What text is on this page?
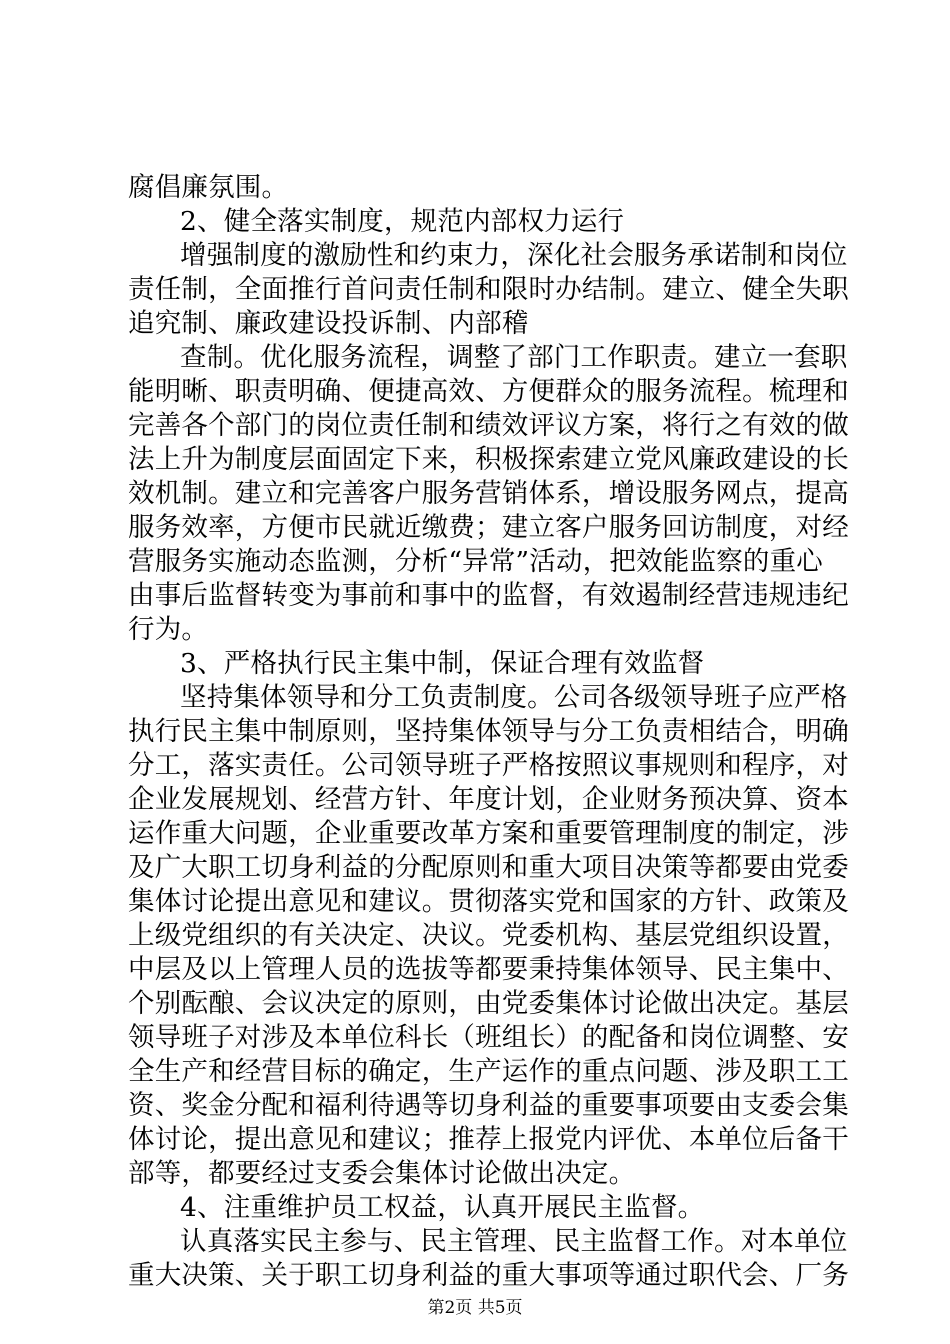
腐倡廉氛围。
2、健全落实制度，规范内部权力运行
增强制度的激励性和约束力，深化社会服务承诺制和岗位
责任制，全面推行首问责任制和限时办结制。建立、健全失职
追究制、廉政建设投诉制、内部稽
查制。优化服务流程，调整了部门工作职责。建立一套职
能明晰、职责明确、便捷高效、方便群众的服务流程。梳理和
完善各个部门的岗位责任制和绩效评议方案，将行之有效的做
法上升为制度层面固定下来，积极探索建立党风廉政建设的长
效机制。建立和完善客户服务营销体系，增设服务网点，提高
服务效率，方便市民就近缴费；建立客户服务回访制度，对经
营服务实施动态监测，分析“异常”活动，把效能监察的重心
由事后监督转变为事前和事中的监督，有效遏制经营违规违纪
行为。
3、严格执行民主集中制，保证合理有效监督
坚持集体领导和分工负责制度。公司各级领导班子应严格
执行民主集中制原则，坚持集体领导与分工负责相结合，明确
分工，落实责任。公司领导班子严格按照议事规则和程序，对
企业发展规划、经营方针、年度计划，企业财务预决算、资本
运作重大问题，企业重要改革方案和重要管理制度的制定，涉
及广大职工切身利益的分配原则和重大项目决策等都要由党委
集体讨论提出意见和建议。贯彻落实党和国家的方针、政策及
上级党组织的有关决定、决议。党委机构、基层党组织设置，
中层及以上管理人员的选拔等都要秉持集体领导、民主集中、
个别酝酿、会议决定的原则，由党委集体讨论做出决定。基层
领导班子对涉及本单位科长（班组长）的配备和岗位调整、安
全生产和经营目标的确定，生产运作的重点问题、涉及职工工
资、奖金分配和福利待遇等切身利益的重要事项要由支委会集
体讨论，提出意见和建议；推荐上报党内评优、本单位后备干
部等，都要经过支委会集体讨论做出决定。
4、注重维护员工权益，认真开展民主监督。
认真落实民主参与、民主管理、民主监督工作。对本单位
重大决策、关于职工切身利益的重大事项等通过职代会、厂务
第2页 共5页
